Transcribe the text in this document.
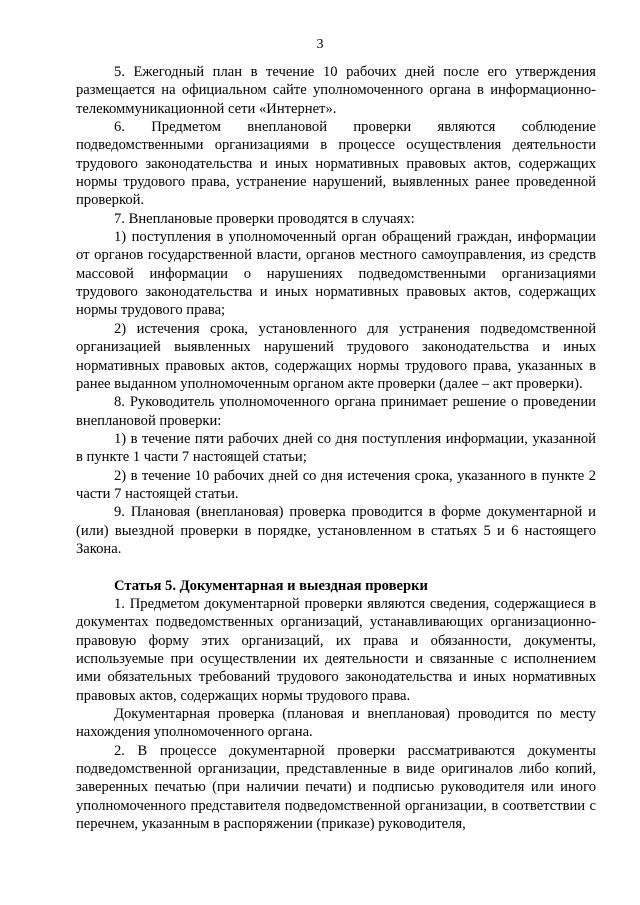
3

5. Ежегодный план в течение 10 рабочих дней после его утверждения размещается на официальном сайте уполномоченного органа в информационно-телекоммуникационной сети «Интернет».

6. Предметом внеплановой проверки являются соблюдение подведомственными организациями в процессе осуществления деятельности трудового законодательства и иных нормативных правовых актов, содержащих нормы трудового права, устранение нарушений, выявленных ранее проведенной проверкой.

7. Внеплановые проверки проводятся в случаях:

1) поступления в уполномоченный орган обращений граждан, информации от органов государственной власти, органов местного самоуправления, из средств массовой информации о нарушениях подведомственными организациями трудового законодательства и иных нормативных правовых актов, содержащих нормы трудового права;

2) истечения срока, установленного для устранения подведомственной организацией выявленных нарушений трудового законодательства и иных нормативных правовых актов, содержащих нормы трудового права, указанных в ранее выданном уполномоченным органом акте проверки (далее – акт проверки).

8. Руководитель уполномоченного органа принимает решение о проведении внеплановой проверки:

1) в течение пяти рабочих дней со дня поступления информации, указанной в пункте 1 части 7 настоящей статьи;

2) в течение 10 рабочих дней со дня истечения срока, указанного в пункте 2 части 7 настоящей статьи.

9. Плановая (внеплановая) проверка проводится в форме документарной и (или) выездной проверки в порядке, установленном в статьях 5 и 6 настоящего Закона.

Статья 5. Документарная и выездная проверки

1. Предметом документарной проверки являются сведения, содержащиеся в документах подведомственных организаций, устанавливающих организационно-правовую форму этих организаций, их права и обязанности, документы, используемые при осуществлении их деятельности и связанные с исполнением ими обязательных требований трудового законодательства и иных нормативных правовых актов, содержащих нормы трудового права.

Документарная проверка (плановая и внеплановая) проводится по месту нахождения уполномоченного органа.

2. В процессе документарной проверки рассматриваются документы подведомственной организации, представленные в виде оригиналов либо копий, заверенных печатью (при наличии печати) и подписью руководителя или иного уполномоченного представителя подведомственной организации, в соответствии с перечнем, указанным в распоряжении (приказе) руководителя,
